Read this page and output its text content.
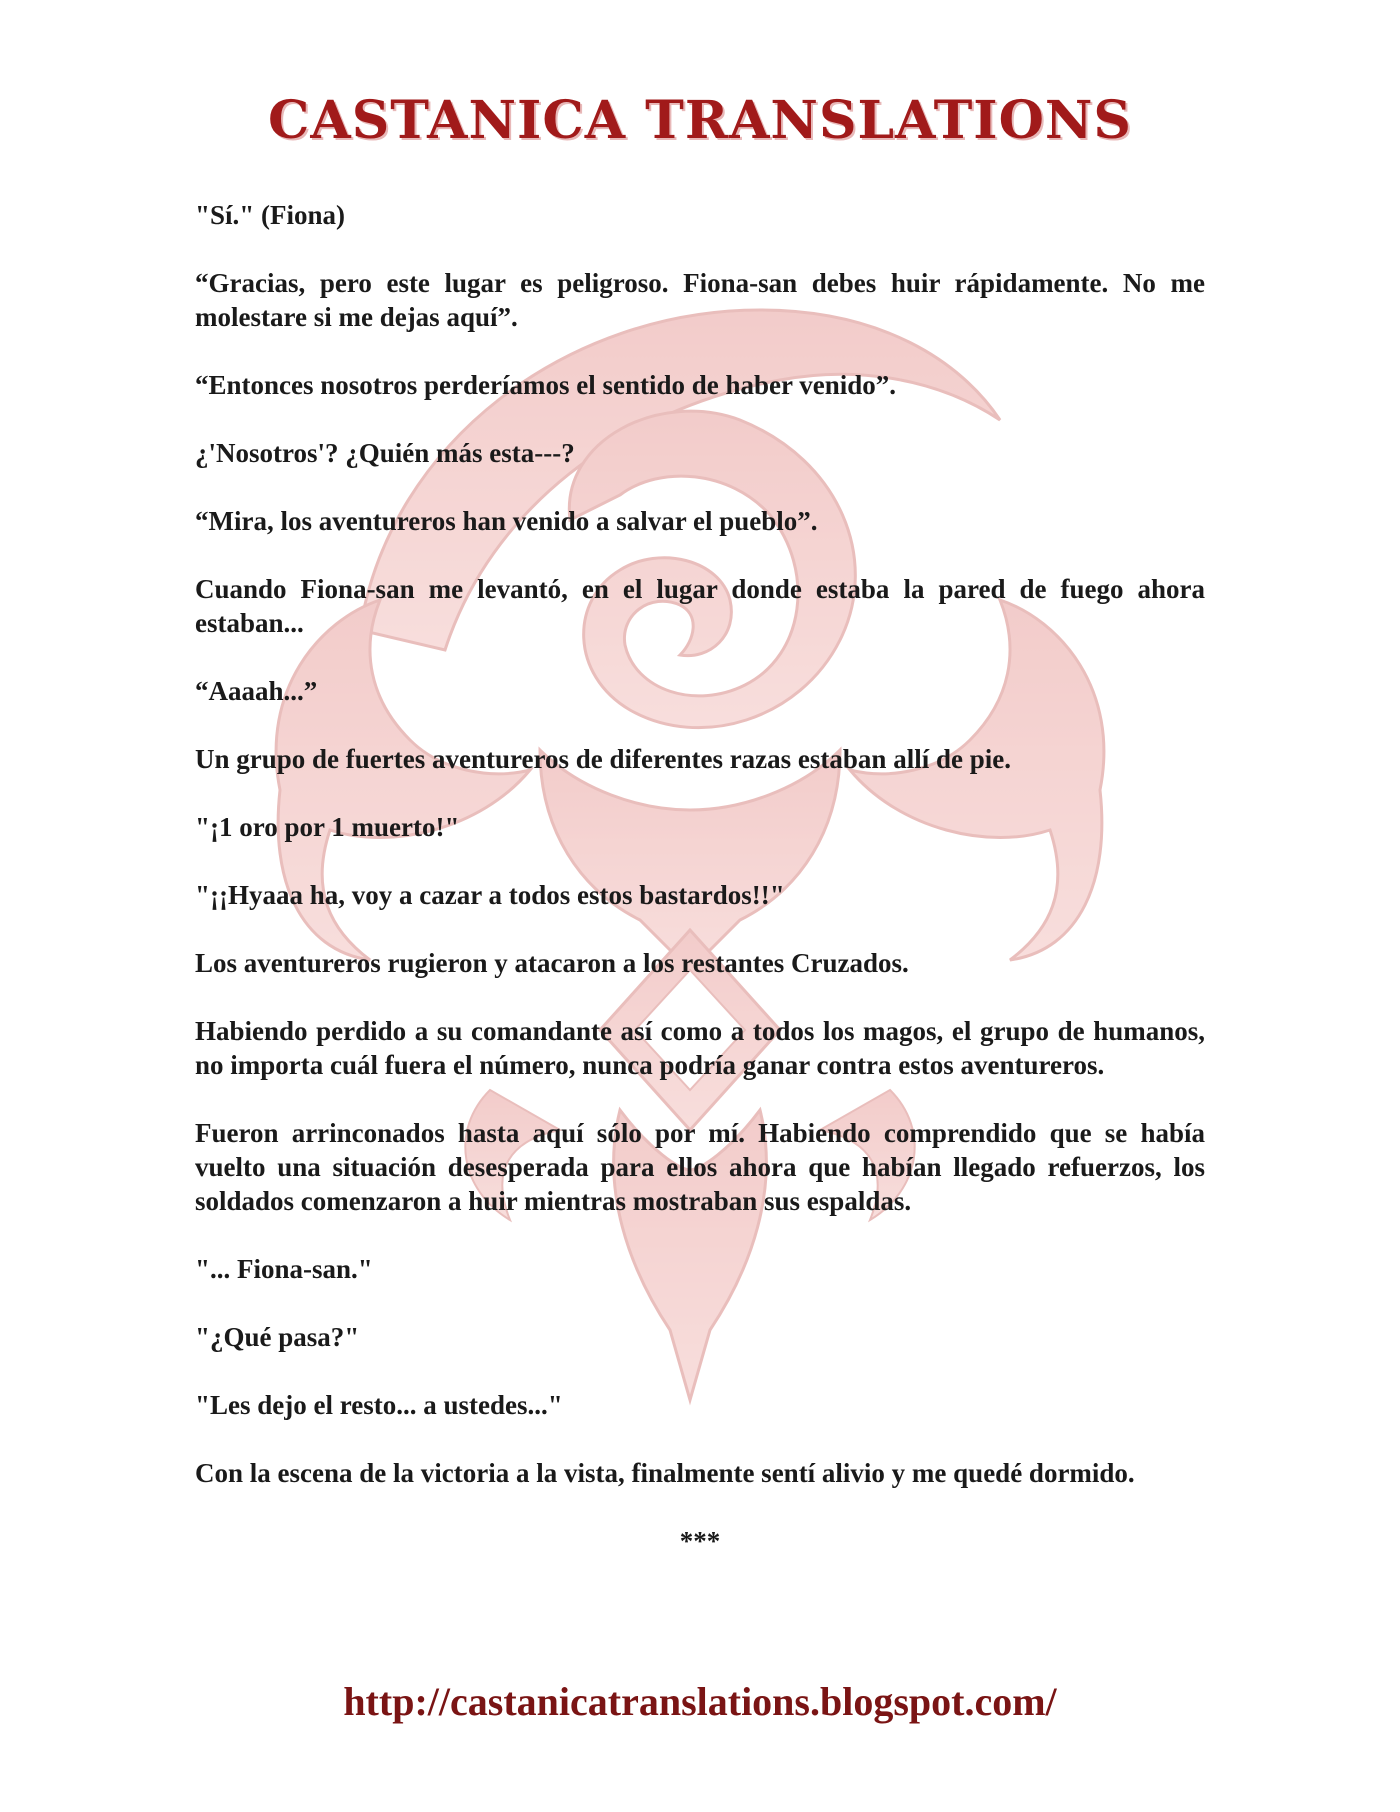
CASTANICA TRANSLATIONS

"Sí." (Fiona)

“Gracias, pero este lugar es peligroso. Fiona-san debes huir rápidamente. No me molestare si me dejas aquí”.

“Entonces nosotros perderíamos el sentido de haber venido”.

¿'Nosotros'? ¿Quién más esta---?

“Mira, los aventureros han venido a salvar el pueblo”.

Cuando Fiona-san me levantó, en el lugar donde estaba la pared de fuego ahora estaban...

“Aaaah...”

Un grupo de fuertes aventureros de diferentes razas estaban allí de pie.

"¡1 oro por 1 muerto!"

"¡¡Hyaaa ha, voy a cazar a todos estos bastardos!!"

Los aventureros rugieron y atacaron a los restantes Cruzados.

Habiendo perdido a su comandante así como a todos los magos, el grupo de humanos, no importa cuál fuera el número, nunca podría ganar contra estos aventureros.

Fueron arrinconados hasta aquí sólo por mí. Habiendo comprendido que se había vuelto una situación desesperada para ellos ahora que habían llegado refuerzos, los soldados comenzaron a huir mientras mostraban sus espaldas.

"... Fiona-san."

"¿Qué pasa?"

"Les dejo el resto... a ustedes..."

Con la escena de la victoria a la vista, finalmente sentí alivio y me quedé dormido.

***

http://castanicatranslations.blogspot.com/
